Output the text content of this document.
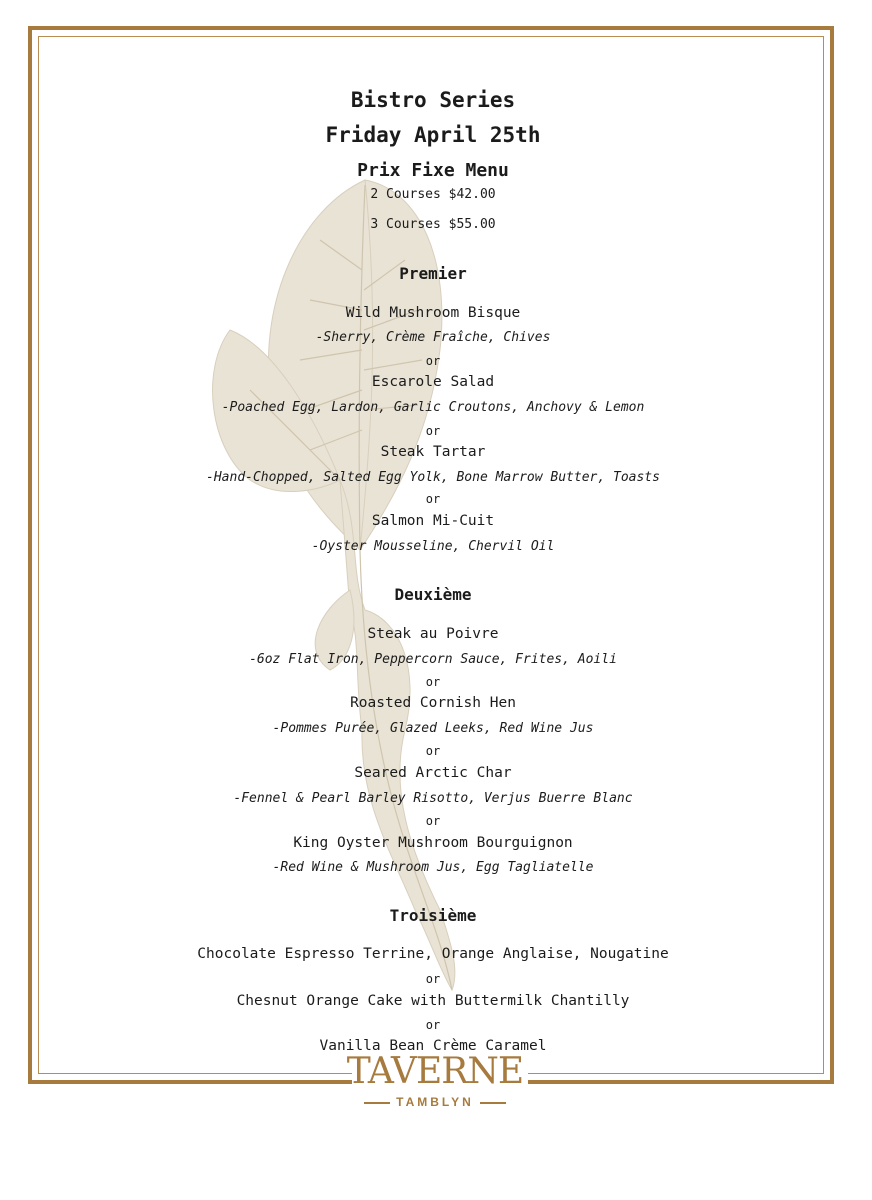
Bistro Series
Friday April 25th
Prix Fixe Menu
2 Courses $42.00
3 Courses $55.00
Premier
Wild Mushroom Bisque
-Sherry, Crème Fraîche, Chives
or
Escarole Salad
-Poached Egg, Lardon, Garlic Croutons, Anchovy & Lemon
or
Steak Tartar
-Hand-Chopped, Salted Egg Yolk, Bone Marrow Butter, Toasts
or
Salmon Mi-Cuit
-Oyster Mousseline, Chervil Oil
Deuxième
Steak au Poivre
-6oz Flat Iron, Peppercorn Sauce, Frites, Aoili
or
Roasted Cornish Hen
-Pommes Purée, Glazed Leeks, Red Wine Jus
or
Seared Arctic Char
-Fennel & Pearl Barley Risotto, Verjus Buerre Blanc
or
King Oyster Mushroom Bourguignon
-Red Wine & Mushroom Jus, Egg Tagliatelle
Troisième
Chocolate Espresso Terrine, Orange Anglaise, Nougatine
or
Chesnut Orange Cake with Buttermilk Chantilly
or
Vanilla Bean Crème Caramel
TAVERNE
TAMBLYN
